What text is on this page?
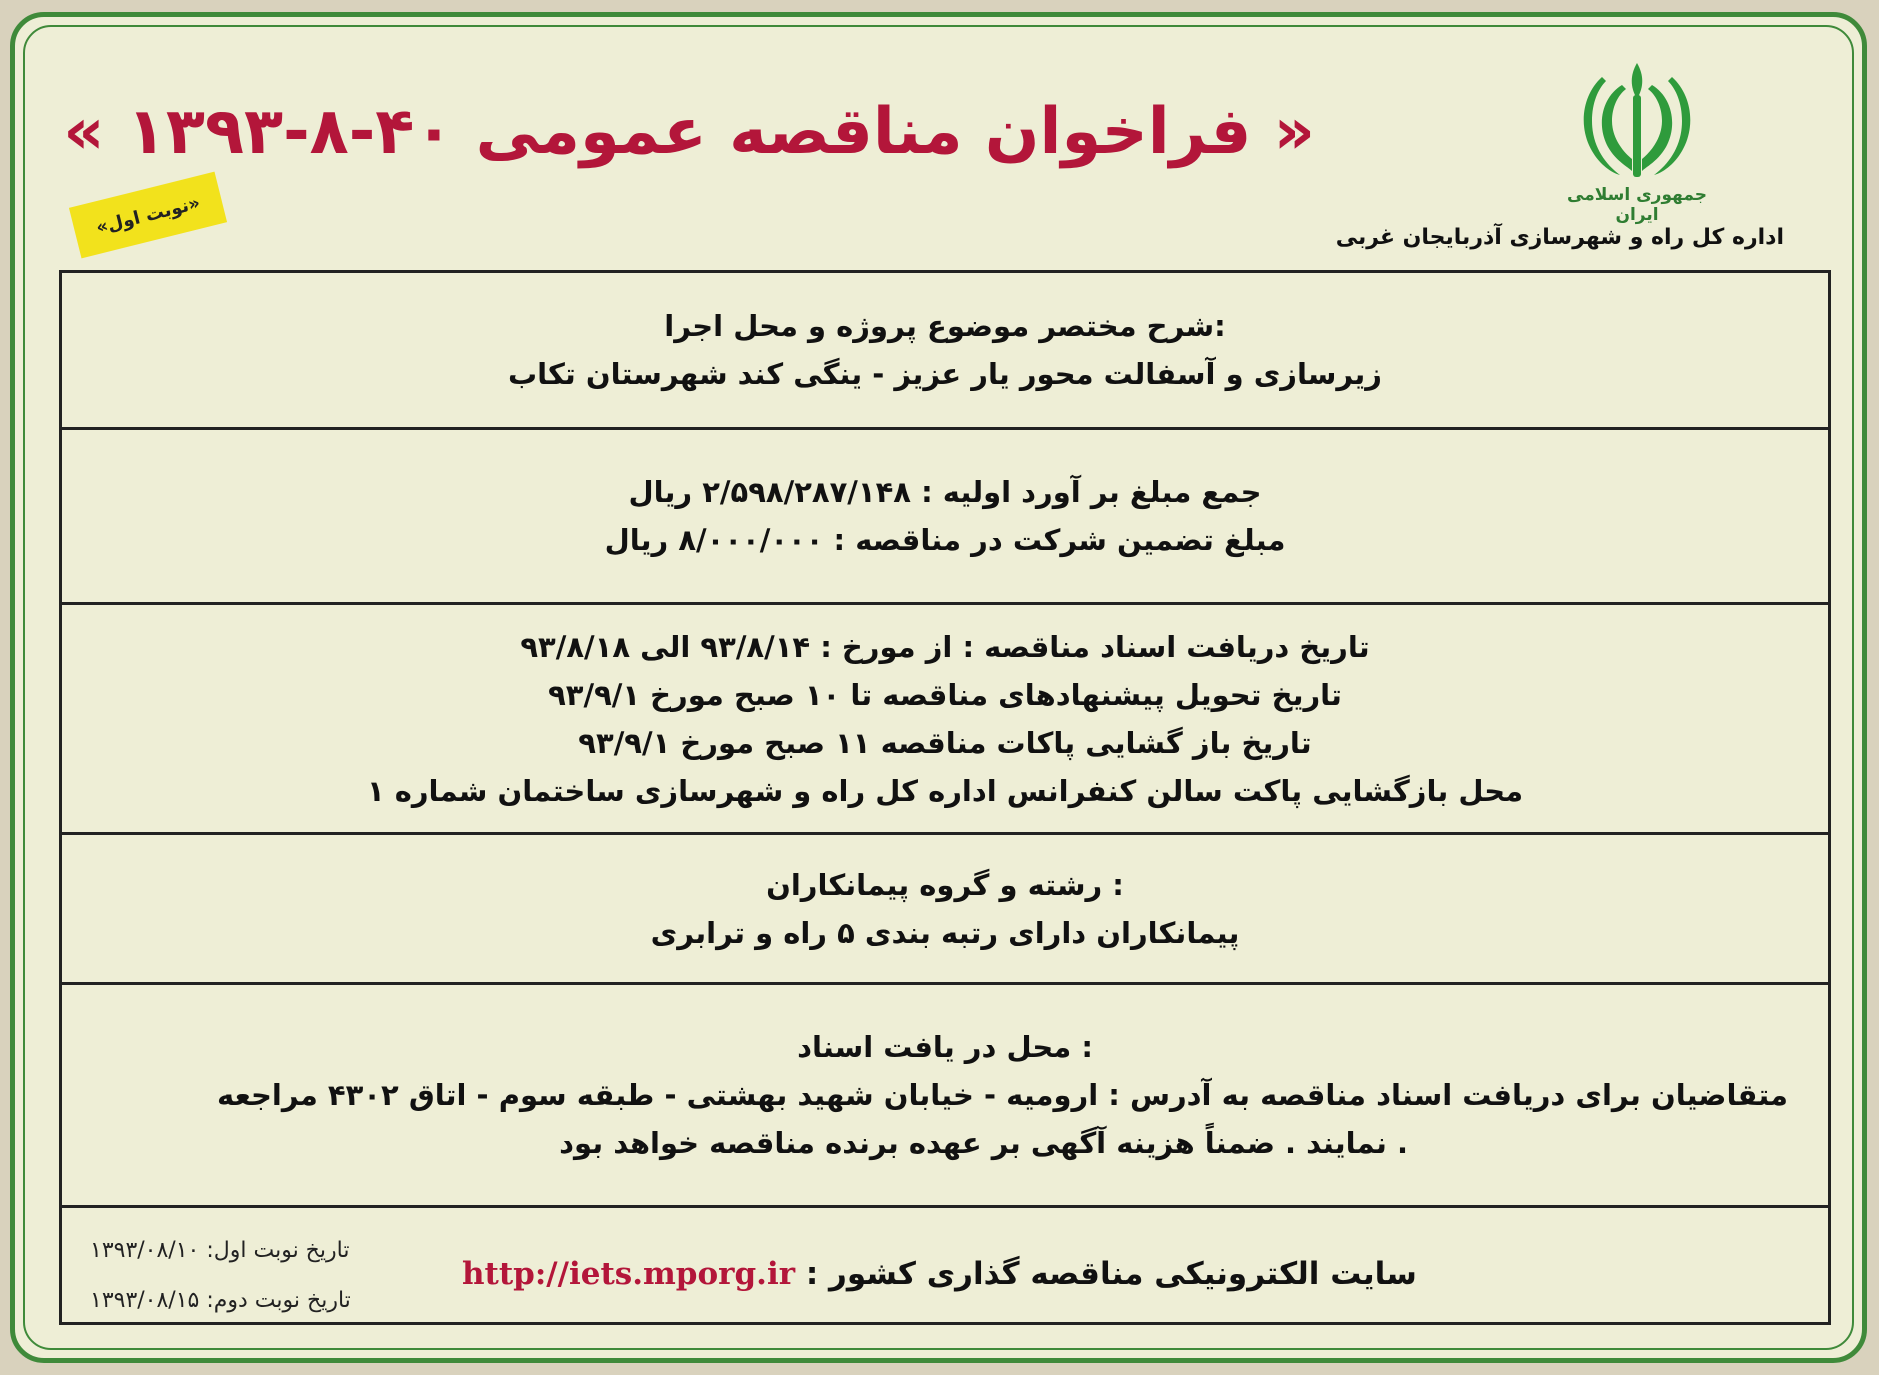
جمهوری اسلامی ایران
اداره کل راه و شهرسازی آذربایجان غربی
« فراخوان مناقصه عمومی ۴۰-۸-۱۳۹۳ »
«نوبت اول»
:شرح مختصر موضوع پروژه و محل اجرا
زیرسازی و آسفالت محور یار عزیز - ینگی کند شهرستان تکاب
جمع مبلغ بر آورد اولیه : ۲/۵۹۸/۲۸۷/۱۴۸ ریال
مبلغ تضمین شرکت در مناقصه : ۸/۰۰۰/۰۰۰ ریال
تاریخ دریافت اسناد مناقصه : از مورخ : ۹۳/۸/۱۴ الی ۹۳/۸/۱۸
تاریخ تحویل پیشنهادهای مناقصه تا ۱۰ صبح مورخ ۹۳/۹/۱
تاریخ باز گشایی پاکات مناقصه ۱۱ صبح مورخ ۹۳/۹/۱
محل بازگشایی پاکت سالن کنفرانس اداره کل راه و شهرسازی ساختمان شماره ۱
: رشته و گروه پیمانکاران
پیمانکاران دارای رتبه بندی ۵ راه و ترابری
: محل در یافت اسناد
متقاضیان برای دریافت اسناد مناقصه به آدرس : ارومیه - خیابان شهید بهشتی - طبقه سوم - اتاق ۴۳۰۲ مراجعه
. نمایند . ضمناً هزینه آگهی بر عهده برنده مناقصه خواهد بود
تاریخ نوبت اول: ۱۳۹۳/۰۸/۱۰
تاریخ نوبت دوم: ۱۳۹۳/۰۸/۱۵
سایت الکترونیکی مناقصه گذاری کشور : http://iets.mporg.ir
